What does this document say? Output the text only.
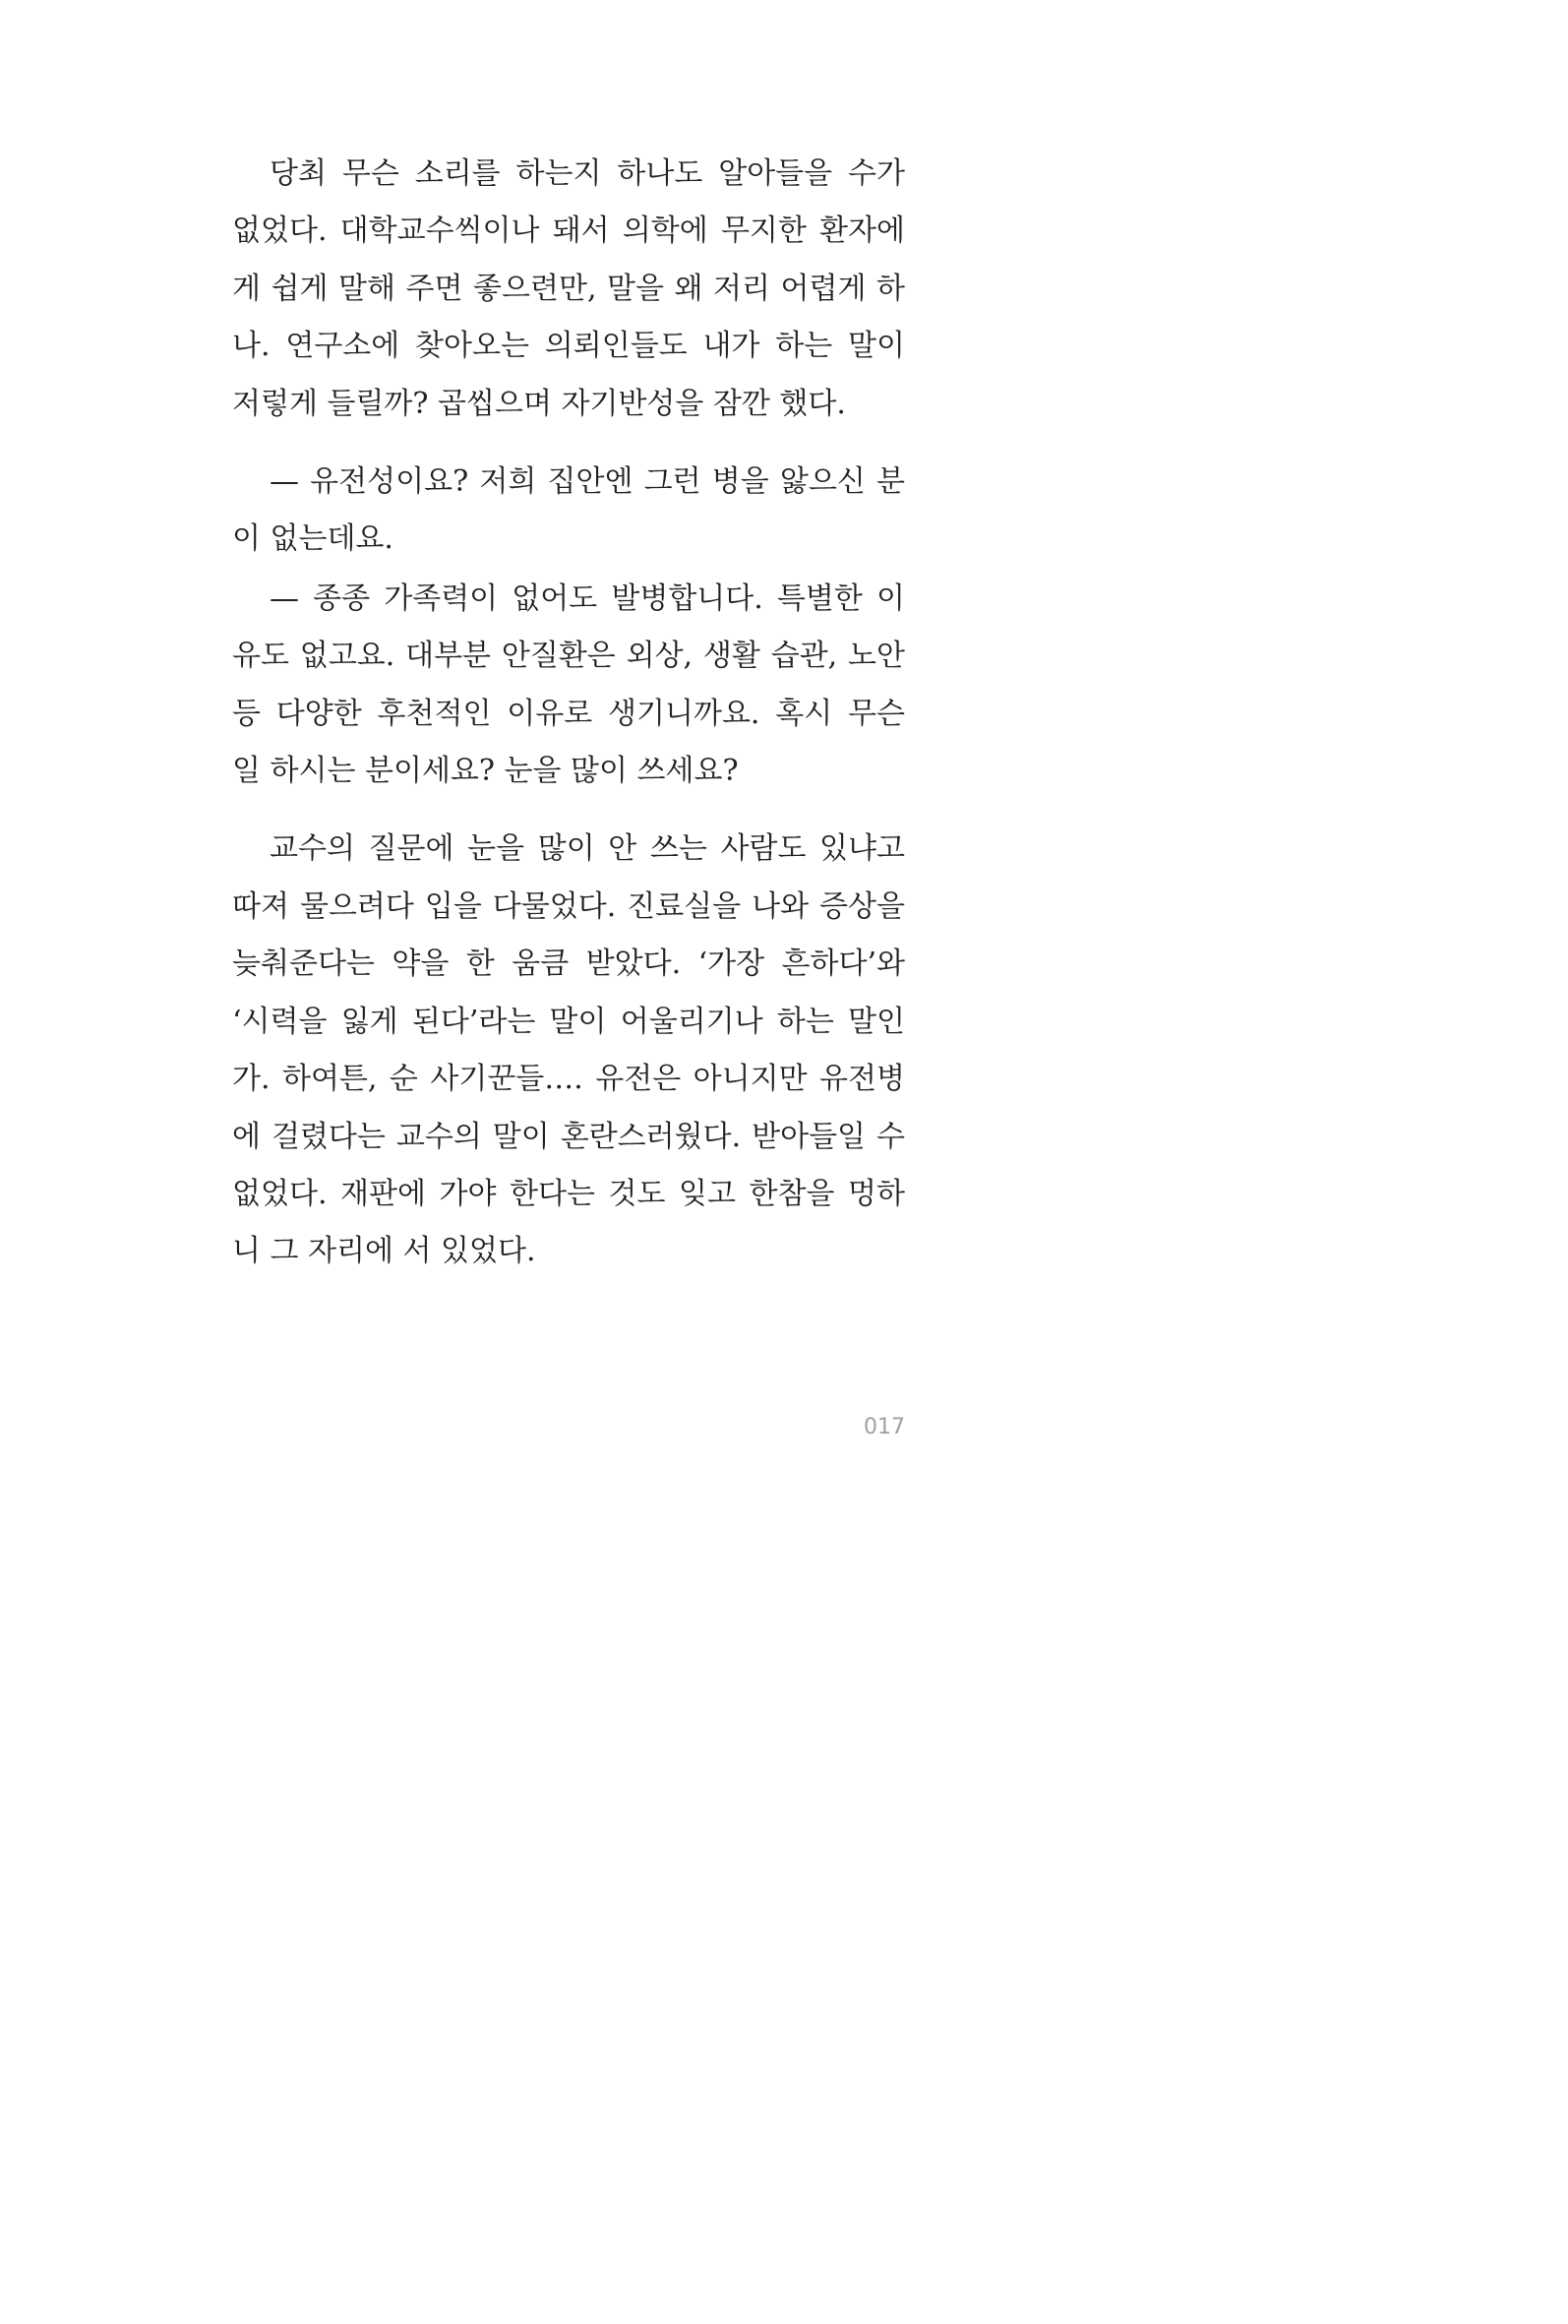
당최 무슨 소리를 하는지 하나도 알아들을 수가 없었다. 대학교수씩이나 돼서 의학에 무지한 환자에게 쉽게 말해 주면 좋으련만, 말을 왜 저리 어렵게 하나. 연구소에 찾아오는 의뢰인들도 내가 하는 말이 저렇게 들릴까? 곱씹으며 자기반성을 잠깐 했다.

— 유전성이요? 저희 집안엔 그런 병을 앓으신 분이 없는데요.

— 종종 가족력이 없어도 발병합니다. 특별한 이유도 없고요. 대부분 안질환은 외상, 생활 습관, 노안 등 다양한 후천적인 이유로 생기니까요. 혹시 무슨 일 하시는 분이세요? 눈을 많이 쓰세요?

교수의 질문에 눈을 많이 안 쓰는 사람도 있냐고 따져 물으려다 입을 다물었다. 진료실을 나와 증상을 늦춰준다는 약을 한 움큼 받았다. ‘가장 흔하다’와 ‘시력을 잃게 된다’라는 말이 어울리기나 하는 말인가. 하여튼, 순 사기꾼들…. 유전은 아니지만 유전병에 걸렸다는 교수의 말이 혼란스러웠다. 받아들일 수 없었다. 재판에 가야 한다는 것도 잊고 한참을 멍하니 그 자리에 서 있었다.

017
